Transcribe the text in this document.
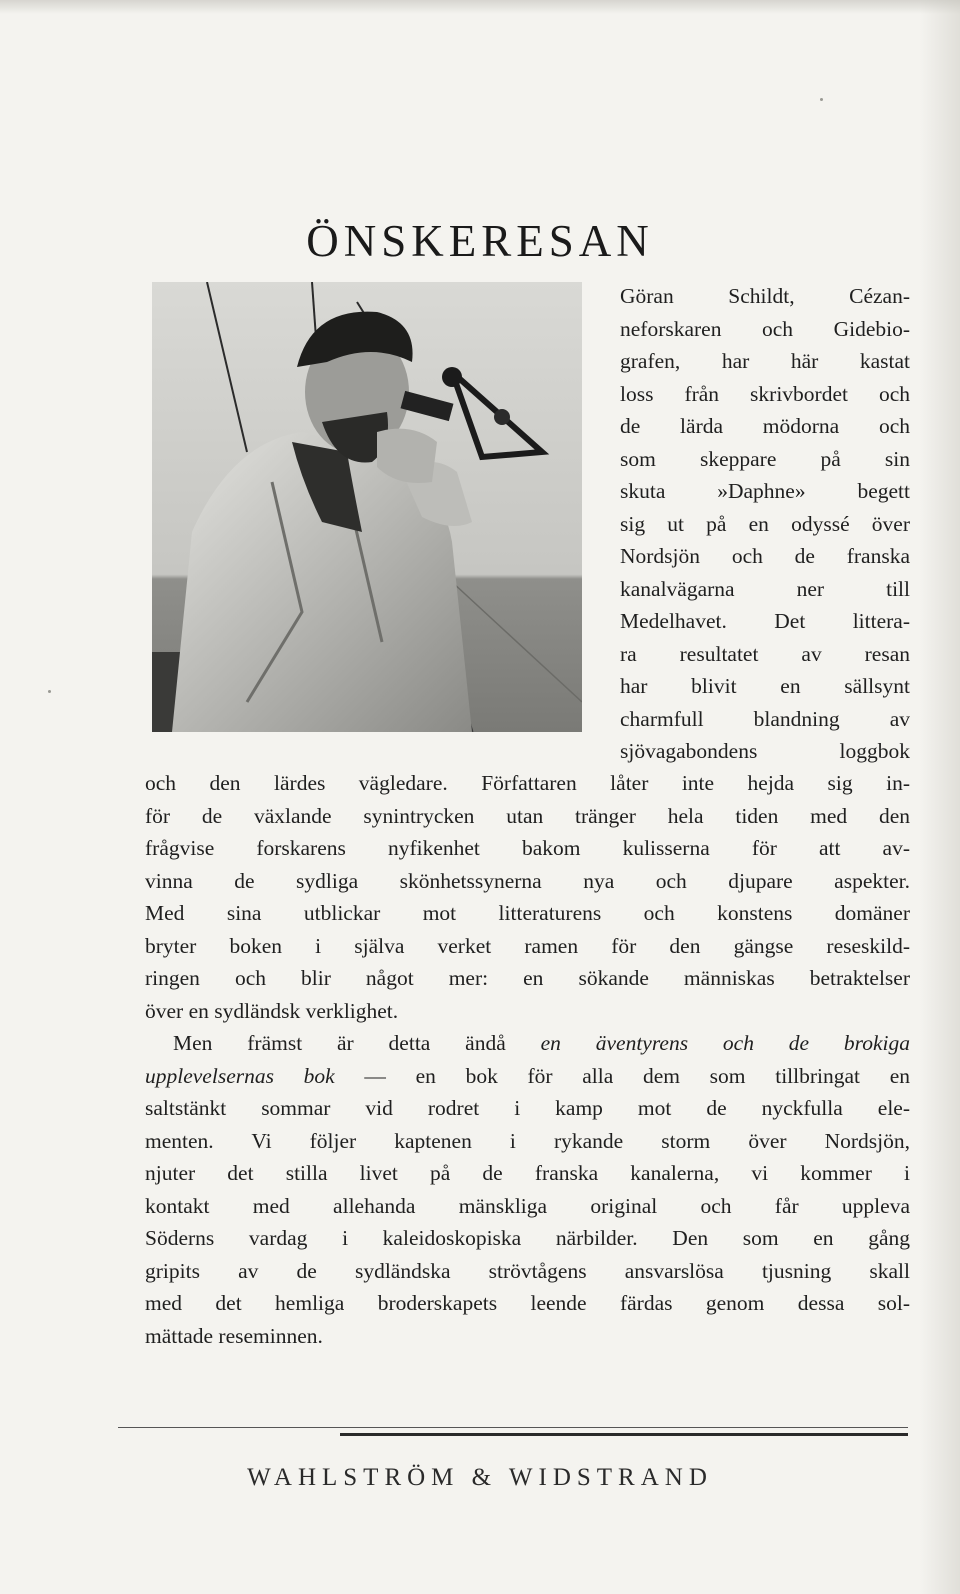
ÖNSKERESAN
Göran Schildt, Cézan-
neforskaren och Gidebio-
grafen, har här kastat
loss från skrivbordet och
de lärda mödorna och
som skeppare på sin
skuta »Daphne» begett
sig ut på en odyssé över
Nordsjön och de franska
kanalvägarna ner till
Medelhavet. Det littera-
ra resultatet av resan
har blivit en sällsynt
charmfull blandning av
sjövagabondens loggbok
och den lärdes vägledare. Författaren låter inte hejda sig in-
för de växlande synintrycken utan tränger hela tiden med den
frågvise forskarens nyfikenhet bakom kulisserna för att av-
vinna de sydliga skönhetssynerna nya och djupare aspekter.
Med sina utblickar mot litteraturens och konstens domäner
bryter boken i själva verket ramen för den gängse reseskild-
ringen och blir något mer: en sökande människas betraktelser
över en sydländsk verklighet.
Men främst är detta ändå en äventyrens och de brokiga
upplevelsernas bok — en bok för alla dem som tillbringat en
saltstänkt sommar vid rodret i kamp mot de nyckfulla ele-
menten. Vi följer kaptenen i rykande storm över Nordsjön,
njuter det stilla livet på de franska kanalerna, vi kommer i
kontakt med allehanda mänskliga original och får uppleva
Söderns vardag i kaleidoskopiska närbilder. Den som en gång
gripits av de sydländska strövtågens ansvarslösa tjusning skall
med det hemliga broderskapets leende färdas genom dessa sol-
mättade reseminnen.
WAHLSTRÖM & WIDSTRAND
